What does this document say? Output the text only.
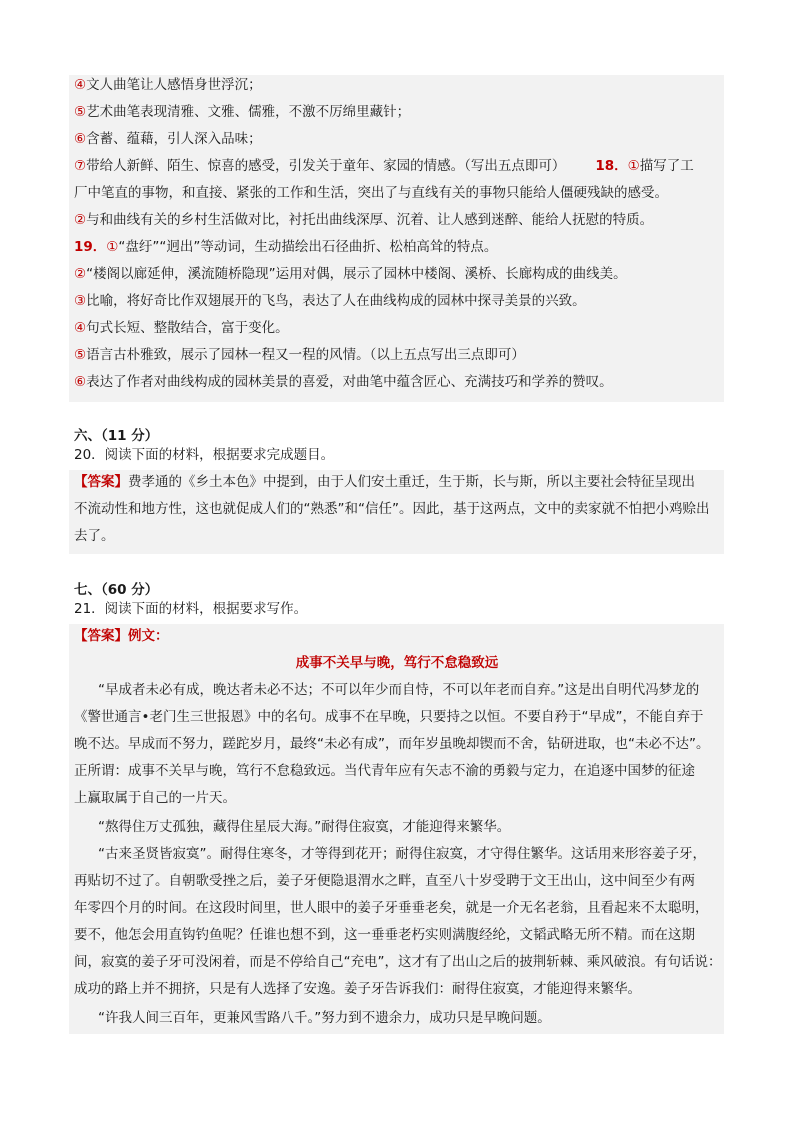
④文人曲笔让人感悟身世浮沉；
⑤艺术曲笔表现清雅、文雅、儒雅，不激不厉绵里藏针；
⑥含蓄、蕴藉，引人深入品味；
⑦带给人新鲜、陌生、惊喜的感受，引发关于童年、家园的情感。（写出五点即可） 18．①描写了工
厂中笔直的事物，和直接、紧张的工作和生活，突出了与直线有关的事物只能给人僵硬残缺的感受。
②与和曲线有关的乡村生活做对比，衬托出曲线深厚、沉着、让人感到迷醉、能给人抚慰的特质。
19．①“盘纡”“迥出”等动词，生动描绘出石径曲折、松柏高耸的特点。
②“楼阁以廊延伸，溪流随桥隐现”运用对偶，展示了园林中楼阁、溪桥、长廊构成的曲线美。
③比喻，将好奇比作双翅展开的飞鸟，表达了人在曲线构成的园林中探寻美景的兴致。
④句式长短、整散结合，富于变化。
⑤语言古朴雅致，展示了园林一程又一程的风情。（以上五点写出三点即可）
⑥表达了作者对曲线构成的园林美景的喜爱，对曲笔中蕴含匠心、充满技巧和学养的赞叹。
六、（11 分）
20．阅读下面的材料，根据要求完成题目。
【答案】费孝通的《乡土本色》中提到，由于人们安土重迁，生于斯，长与斯，所以主要社会特征呈现出
不流动性和地方性，这也就促成人们的“熟悉”和“信任”。因此，基于这两点，文中的卖家就不怕把小鸡赊出
去了。
七、（60 分）
21．阅读下面的材料，根据要求写作。
【答案】例文：
成事不关早与晚，笃行不怠稳致远
“早成者未必有成，晚达者未必不达；不可以年少而自恃，不可以年老而自弃。”这是出自明代冯梦龙的
《警世通言•老门生三世报恩》中的名句。成事不在早晚，只要持之以恒。不要自矜于“早成”，不能自弃于
晚不达。早成而不努力，蹉跎岁月，最终“未必有成”，而年岁虽晚却锲而不舍，钻研进取，也“未必不达”。
正所谓：成事不关早与晚，笃行不怠稳致远。当代青年应有矢志不渝的勇毅与定力，在追逐中国梦的征途
上赢取属于自己的一片天。
“熬得住万丈孤独，藏得住星辰大海。”耐得住寂寞，才能迎得来繁华。
“古来圣贤皆寂寞”。耐得住寒冬，才等得到花开；耐得住寂寞，才守得住繁华。这话用来形容姜子牙，
再贴切不过了。自朝歌受挫之后，姜子牙便隐退渭水之畔，直至八十岁受聘于文王出山，这中间至少有两
年零四个月的时间。在这段时间里，世人眼中的姜子牙垂垂老矣，就是一介无名老翁，且看起来不太聪明，
要不，他怎会用直钩钓鱼呢？任谁也想不到，这一垂垂老朽实则满腹经纶，文韬武略无所不精。而在这期
间，寂寞的姜子牙可没闲着，而是不停给自己“充电”，这才有了出山之后的披荆斩棘、乘风破浪。有句话说：
成功的路上并不拥挤，只是有人选择了安逸。姜子牙告诉我们：耐得住寂寞，才能迎得来繁华。
“许我人间三百年，更兼风雪路八千。”努力到不遗余力，成功只是早晚问题。
